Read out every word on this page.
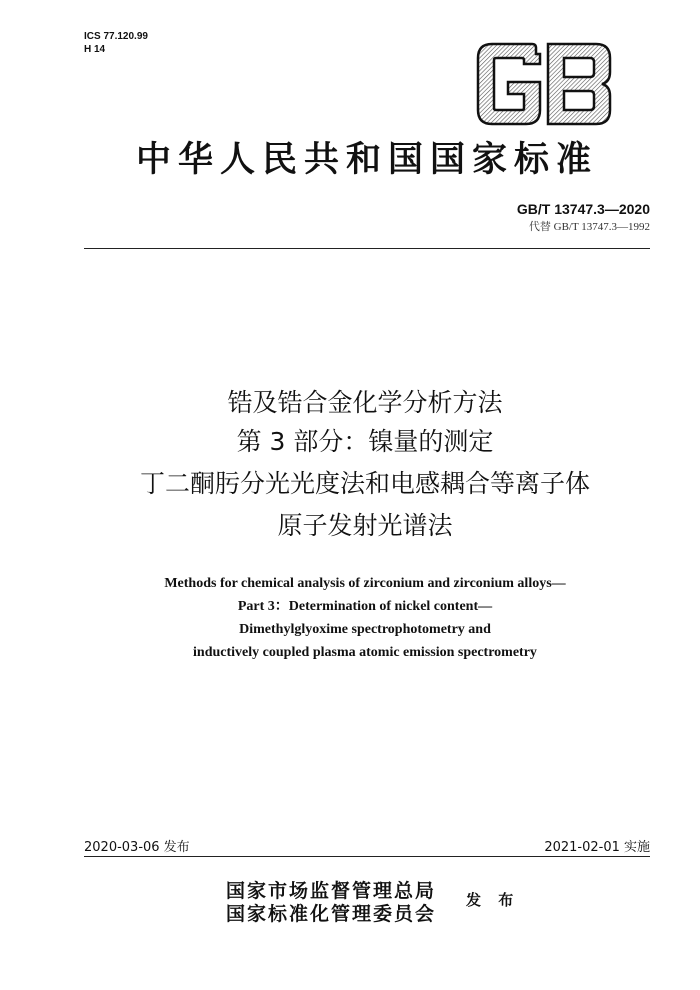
ICS 77.120.99
H 14
中华人民共和国国家标准
GB/T 13747.3—2020
代替 GB/T 13747.3—1992
锆及锆合金化学分析方法
第 3 部分：镍量的测定
丁二酮肟分光光度法和电感耦合等离子体
原子发射光谱法
Methods for chemical analysis of zirconium and zirconium alloys—
Part 3：Determination of nickel content—
Dimethylglyoxime spectrophotometry and
inductively coupled plasma atomic emission spectrometry
2020-03-06 发布	2021-02-01 实施
国家市场监督管理总局
国家标准化管理委员会
发 布
